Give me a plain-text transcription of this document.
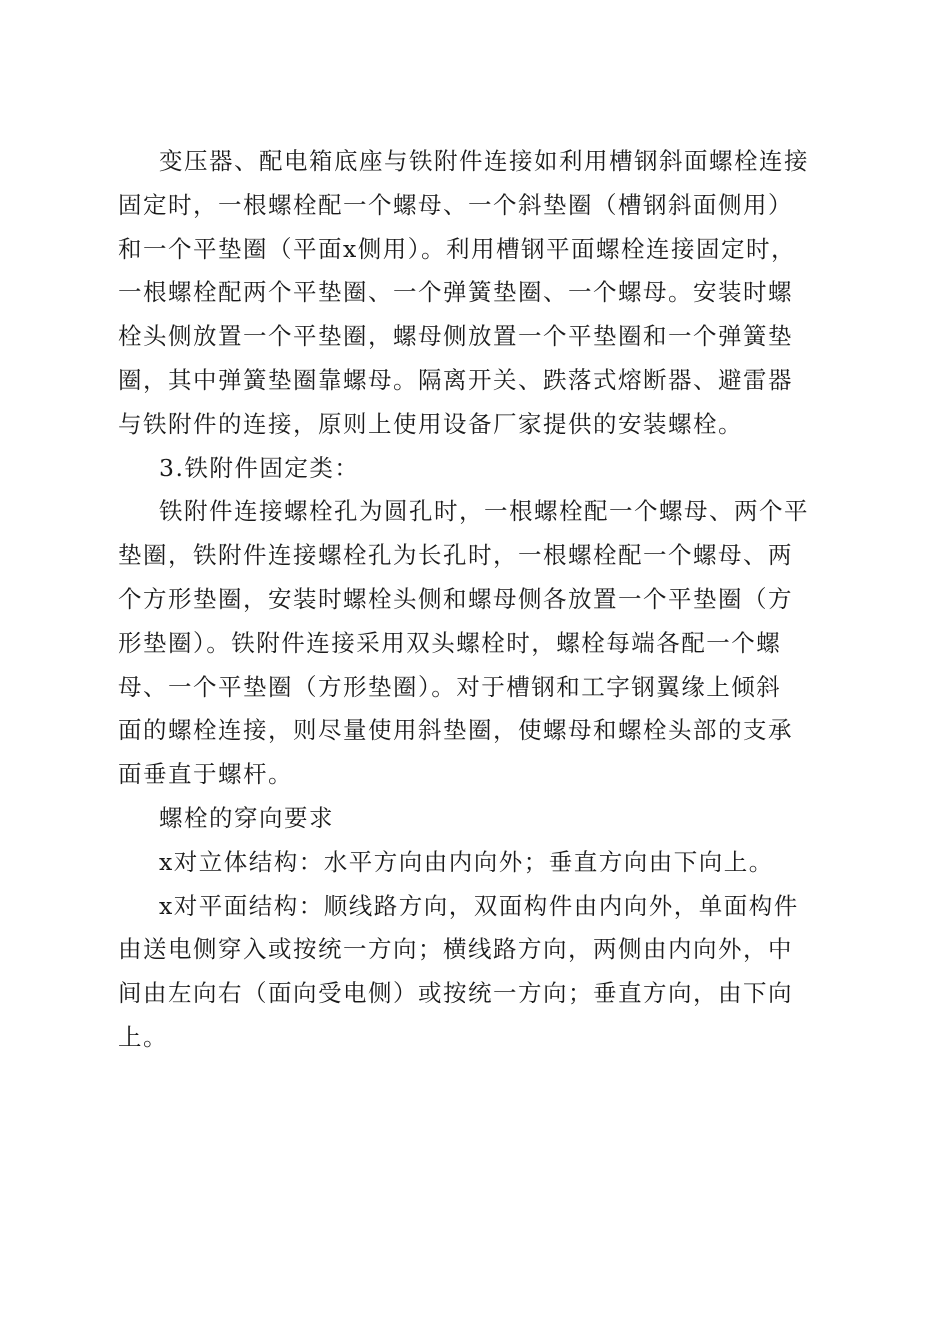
变压器、配电箱底座与铁附件连接如利用槽钢斜面螺栓连接
固定时，一根螺栓配一个螺母、一个斜垫圈（槽钢斜面侧用）
和一个平垫圈（平面x侧用）。利用槽钢平面螺栓连接固定时，
一根螺栓配两个平垫圈、一个弹簧垫圈、一个螺母。安装时螺
栓头侧放置一个平垫圈，螺母侧放置一个平垫圈和一个弹簧垫
圈，其中弹簧垫圈靠螺母。隔离开关、跌落式熔断器、避雷器
与铁附件的连接，原则上使用设备厂家提供的安装螺栓。
3.铁附件固定类：
铁附件连接螺栓孔为圆孔时，一根螺栓配一个螺母、两个平
垫圈，铁附件连接螺栓孔为长孔时，一根螺栓配一个螺母、两
个方形垫圈，安装时螺栓头侧和螺母侧各放置一个平垫圈（方
形垫圈）。铁附件连接采用双头螺栓时，螺栓每端各配一个螺
母、一个平垫圈（方形垫圈）。对于槽钢和工字钢翼缘上倾斜
面的螺栓连接，则尽量使用斜垫圈，使螺母和螺栓头部的支承
面垂直于螺杆。
螺栓的穿向要求
x对立体结构：水平方向由内向外；垂直方向由下向上。
x对平面结构：顺线路方向，双面构件由内向外，单面构件
由送电侧穿入或按统一方向；横线路方向，两侧由内向外，中
间由左向右（面向受电侧）或按统一方向；垂直方向，由下向
上。
